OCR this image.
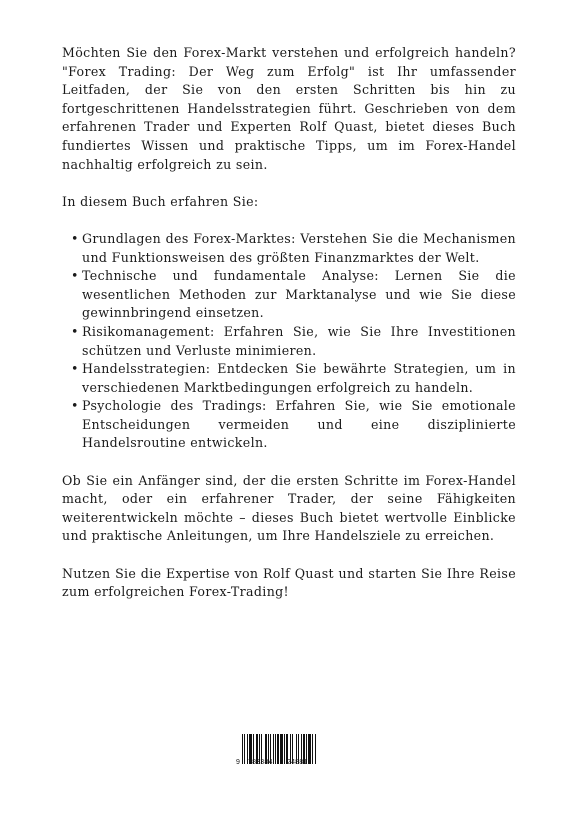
Möchten Sie den Forex-Markt verstehen und erfolgreich handeln? "Forex Trading: Der Weg zum Erfolg" ist Ihr umfassender Leitfaden, der Sie von den ersten Schritten bis hin zu fortgeschrittenen Handelsstrategien führt. Geschrieben von dem erfahrenen Trader und Experten Rolf Quast, bietet dieses Buch fundiertes Wissen und praktische Tipps, um im Forex-Handel nachhaltig erfolgreich zu sein.

In diesem Buch erfahren Sie:

• Grundlagen des Forex-Marktes: Verstehen Sie die Mechanismen und Funktionsweisen des größten Finanzmarktes der Welt.
• Technische und fundamentale Analyse: Lernen Sie die wesentlichen Methoden zur Marktanalyse und wie Sie diese gewinnbringend einsetzen.
• Risikomanagement: Erfahren Sie, wie Sie Ihre Investitionen schützen und Verluste minimieren.
• Handelsstrategien: Entdecken Sie bewährte Strategien, um in verschiedenen Marktbedingungen erfolgreich zu handeln.
• Psychologie des Tradings: Erfahren Sie, wie Sie emotionale Entscheidungen vermeiden und eine disziplinierte Handelsroutine entwickeln.

Ob Sie ein Anfänger sind, der die ersten Schritte im Forex-Handel macht, oder ein erfahrener Trader, der seine Fähigkeiten weiterentwickeln möchte – dieses Buch bietet wertvolle Einblicke und praktische Anleitungen, um Ihre Handelsziele zu erreichen.

Nutzen Sie die Expertise von Rolf Quast und starten Sie Ihre Reise zum erfolgreichen Forex-Trading!

9 783384 248817
